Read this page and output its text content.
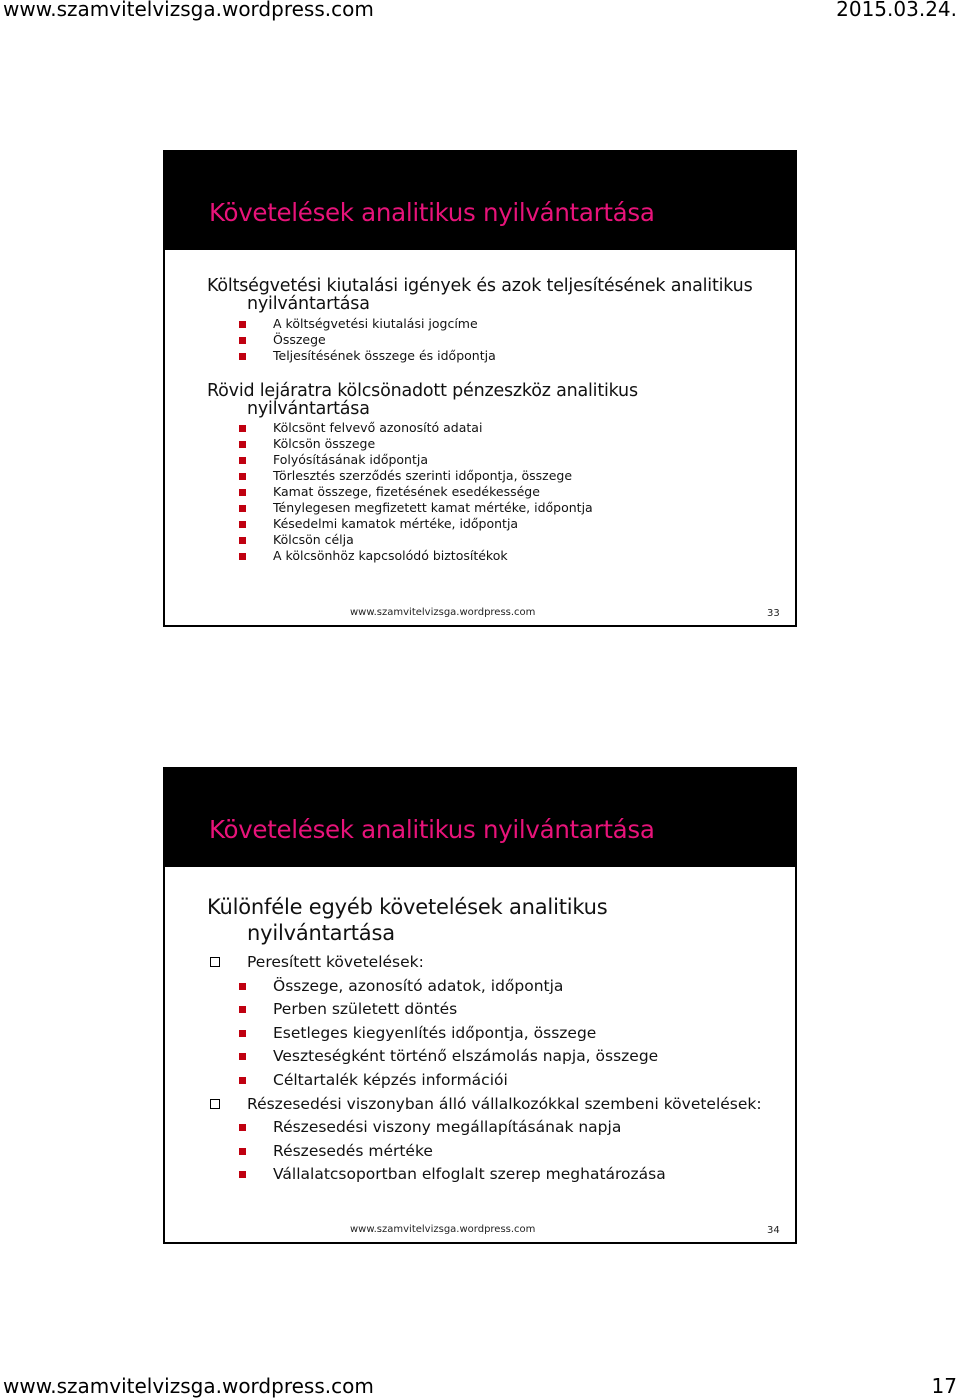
www.szamvitelvizsga.wordpress.com	2015.03.24.
Követelések analitikus nyilvántartása
Költségvetési kiutalási igények és azok teljesítésének analitikus
nyilvántartása
A költségvetési kiutalási jogcíme
Összege
Teljesítésének összege és időpontja
Rövid lejáratra kölcsönadott pénzeszköz analitikus
nyilvántartása
Kölcsönt felvevő azonosító adatai
Kölcsön összege
Folyósításának időpontja
Törlesztés szerződés szerinti időpontja, összege
Kamat összege, fizetésének esedékessége
Ténylegesen megfizetett kamat mértéke, időpontja
Késedelmi kamatok mértéke, időpontja
Kölcsön célja
A kölcsönhöz kapcsolódó biztosítékok
www.szamvitelvizsga.wordpress.com	33
Követelések analitikus nyilvántartása
Különféle egyéb követelések analitikus
nyilvántartása
Peresített követelések:
Összege, azonosító adatok, időpontja
Perben született döntés
Esetleges kiegyenlítés időpontja, összege
Veszteségként történő elszámolás napja, összege
Céltartalék képzés információi
Részesedési viszonyban álló vállalkozókkal szembeni követelések:
Részesedési viszony megállapításának napja
Részesedés mértéke
Vállalatcsoportban elfoglalt szerep meghatározása
www.szamvitelvizsga.wordpress.com	34
www.szamvitelvizsga.wordpress.com	17
